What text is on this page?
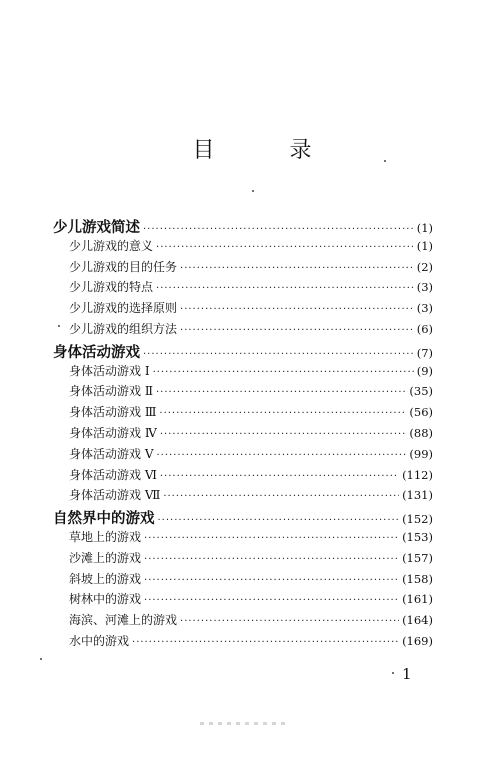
目 录
少儿游戏简述 ·····	(1)
少儿游戏的意义 ·····	(1)
少儿游戏的目的任务 ·····	(2)
少儿游戏的特点 ·····	(3)
少儿游戏的选择原则 ·····	(3)
少儿游戏的组织方法 ·····	(6)
身体活动游戏 ·····	(7)
身体活动游戏 Ⅰ ·····	(9)
身体活动游戏 Ⅱ ·····	(35)
身体活动游戏 Ⅲ ·····	(56)
身体活动游戏 Ⅳ ·····	(88)
身体活动游戏 Ⅴ ·····	(99)
身体活动游戏 Ⅵ ·····	(112)
身体活动游戏 Ⅶ ·····	(131)
自然界中的游戏 ·····	(152)
草地上的游戏 ·····	(153)
沙滩上的游戏 ·····	(157)
斜坡上的游戏 ·····	(158)
树林中的游戏 ·····	(161)
海滨、河滩上的游戏 ·····	(164)
水中的游戏 ·····	(169)
1
